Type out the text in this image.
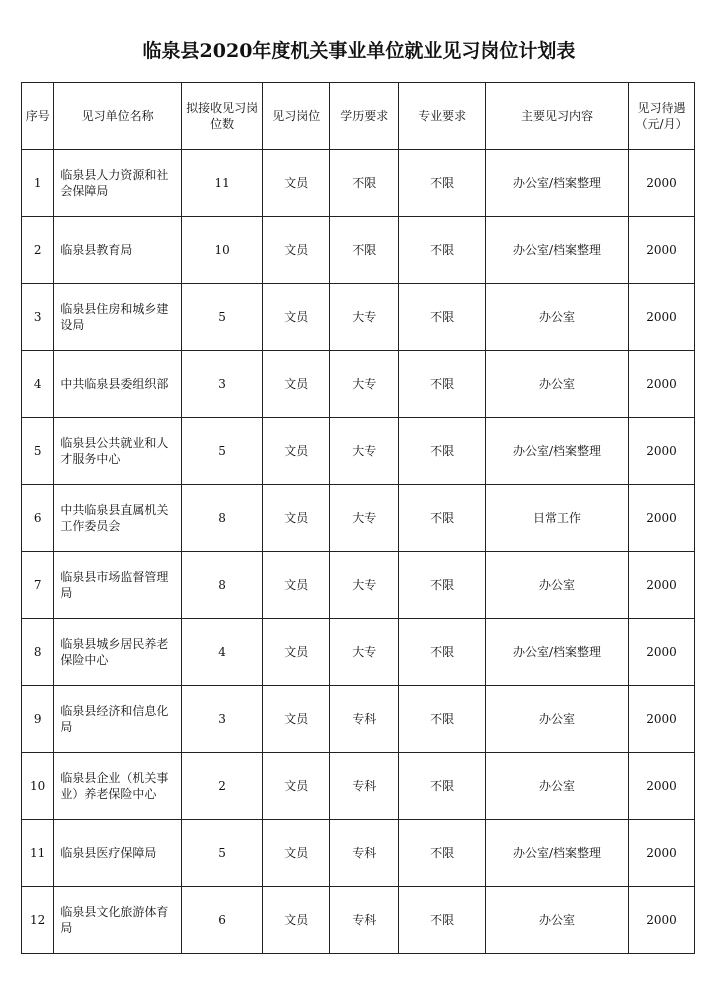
临泉县2020年度机关事业单位就业见习岗位计划表
序号	见习单位名称	拟接收见习岗位数	见习岗位	学历要求	专业要求	主要见习内容	见习待遇（元/月）
1	临泉县人力资源和社会保障局	11	文员	不限	不限	办公室/档案整理	2000
2	临泉县教育局	10	文员	不限	不限	办公室/档案整理	2000
3	临泉县住房和城乡建设局	5	文员	大专	不限	办公室	2000
4	中共临泉县委组织部	3	文员	大专	不限	办公室	2000
5	临泉县公共就业和人才服务中心	5	文员	大专	不限	办公室/档案整理	2000
6	中共临泉县直属机关工作委员会	8	文员	大专	不限	日常工作	2000
7	临泉县市场监督管理局	8	文员	大专	不限	办公室	2000
8	临泉县城乡居民养老保险中心	4	文员	大专	不限	办公室/档案整理	2000
9	临泉县经济和信息化局	3	文员	专科	不限	办公室	2000
10	临泉县企业（机关事业）养老保险中心	2	文员	专科	不限	办公室	2000
11	临泉县医疗保障局	5	文员	专科	不限	办公室/档案整理	2000
12	临泉县文化旅游体育局	6	文员	专科	不限	办公室	2000
